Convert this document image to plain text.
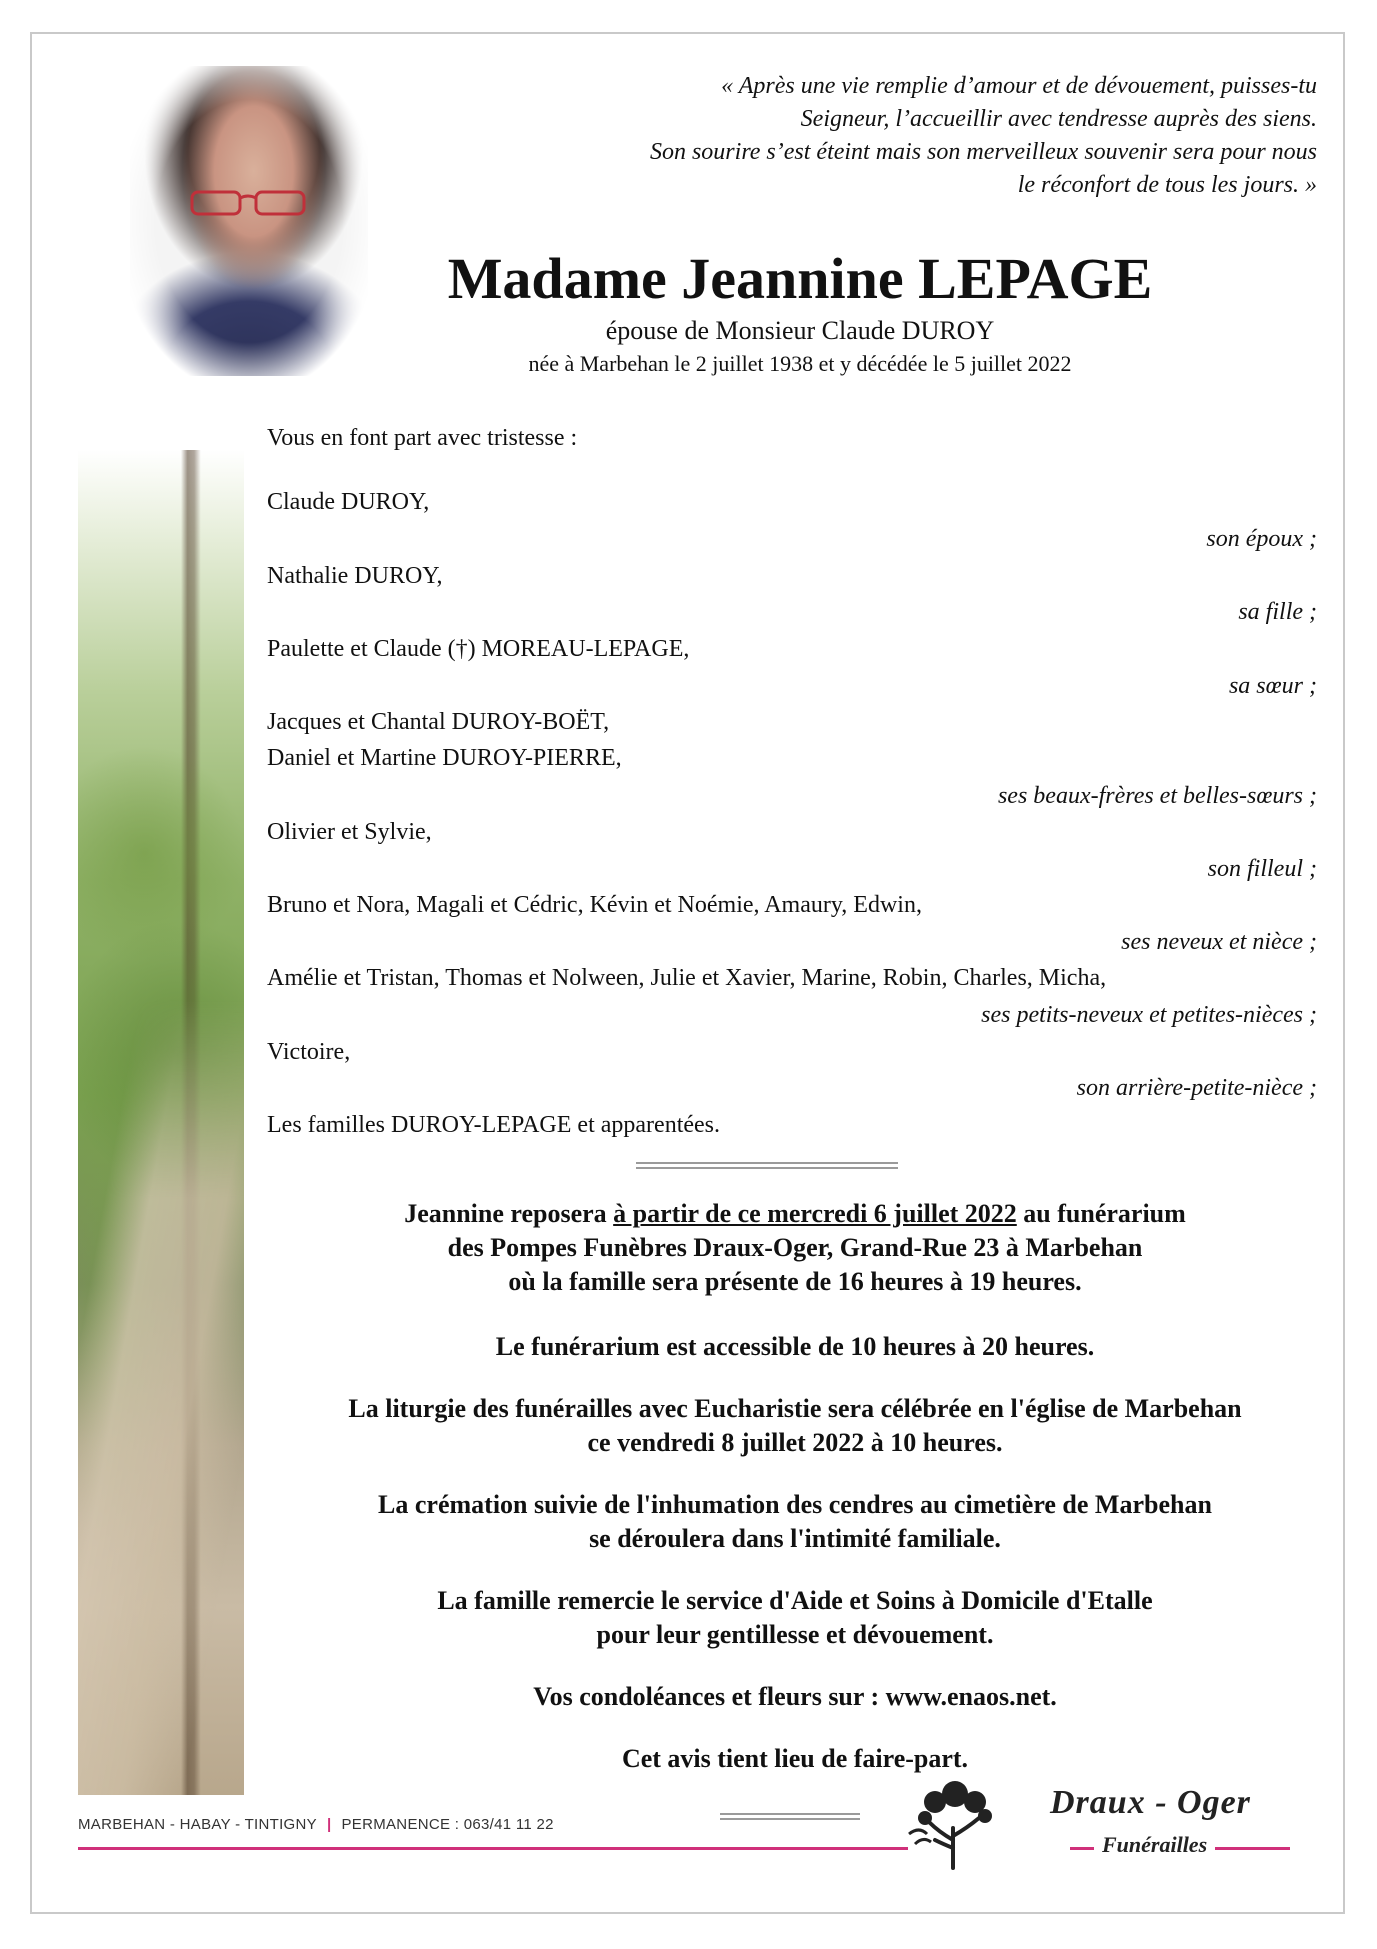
« Après une vie remplie d’amour et de dévouement, puisses-tu
Seigneur, l’accueillir avec tendresse auprès des siens.
Son sourire s’est éteint mais son merveilleux souvenir sera pour nous
le réconfort de tous les jours. »
Madame Jeannine LEPAGE
épouse de Monsieur Claude DUROY
née à Marbehan le 2 juillet 1938 et y décédée le 5 juillet 2022
Vous en font part avec tristesse :
Claude DUROY,
son époux ;
Nathalie DUROY,
sa fille ;
Paulette et Claude (†) MOREAU-LEPAGE,
sa sœur ;
Jacques et Chantal DUROY-BOËT,
Daniel et Martine DUROY-PIERRE,
ses beaux-frères et belles-sœurs ;
Olivier et Sylvie,
son filleul ;
Bruno et Nora, Magali et Cédric, Kévin et Noémie, Amaury, Edwin,
ses neveux et nièce ;
Amélie et Tristan, Thomas et Nolween, Julie et Xavier, Marine, Robin, Charles, Micha,
ses petits-neveux et petites-nièces ;
Victoire,
son arrière-petite-nièce ;
Les familles DUROY-LEPAGE et apparentées.
Jeannine reposera à partir de ce mercredi 6 juillet 2022 au funérarium
des Pompes Funèbres Draux-Oger, Grand-Rue 23 à Marbehan
où la famille sera présente de 16 heures à 19 heures.
Le funérarium est accessible de 10 heures à 20 heures.
La liturgie des funérailles avec Eucharistie sera célébrée en l'église de Marbehan
ce vendredi 8 juillet 2022 à 10 heures.
La crémation suivie de l'inhumation des cendres au cimetière de Marbehan
se déroulera dans l'intimité familiale.
La famille remercie le service d'Aide et Soins à Domicile d'Etalle
pour leur gentillesse et dévouement.
Vos condoléances et fleurs sur : www.enaos.net.
Cet avis tient lieu de faire-part.
MARBEHAN - HABAY - TINTIGNY | PERMANENCE : 063/41 11 22
Draux - Oger
Funérailles
